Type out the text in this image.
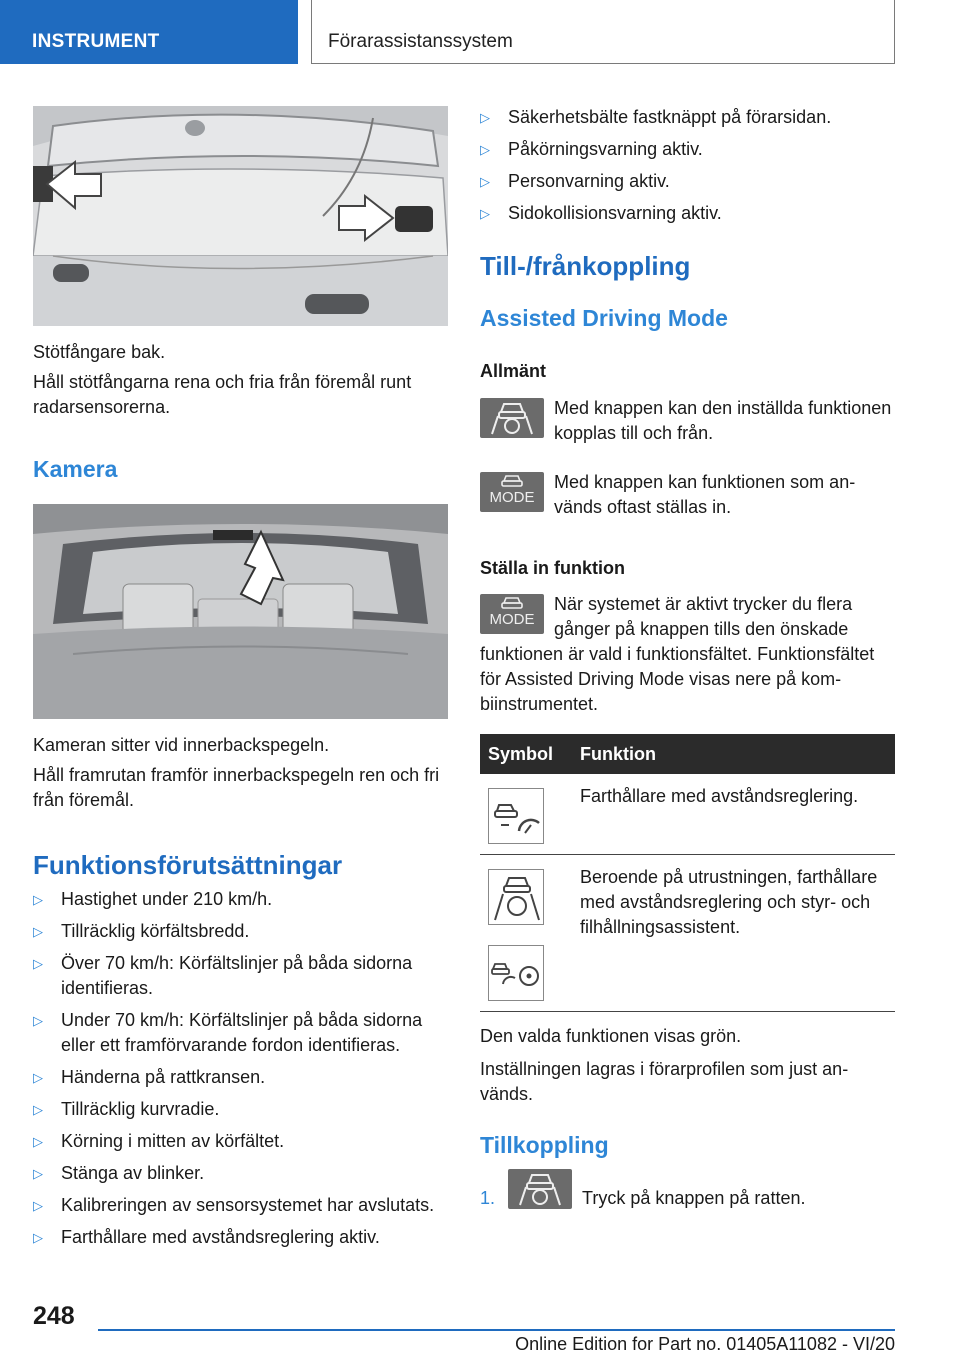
INSTRUMENT	Förarassistanssystem
Stötfångare bak.
Håll stötfångarna rena och fria från föremål runt radarsensorerna.
Kamera
Kameran sitter vid innerbackspegeln.
Håll framrutan framför innerbackspegeln ren och fri från föremål.
Funktionsförutsättningar
▷ Hastighet under 210 km/h.
▷ Tillräcklig körfältsbredd.
▷ Över 70 km/h: Körfältslinjer på båda sidorna identifieras.
▷ Under 70 km/h: Körfältslinjer på båda sidorna eller ett framförvarande fordon identifieras.
▷ Händerna på rattkransen.
▷ Tillräcklig kurvradie.
▷ Körning i mitten av körfältet.
▷ Stänga av blinker.
▷ Kalibreringen av sensorsystemet har avslutats.
▷ Farthållare med avståndsreglering aktiv.
▷ Säkerhetsbälte fastknäppt på förarsidan.
▷ Påkörningsvarning aktiv.
▷ Personvarning aktiv.
▷ Sidokollisionsvarning aktiv.
Till-/frånkoppling
Assisted Driving Mode
Allmänt
Med knappen kan den inställda funktionen kopplas till och från.
MODE
Med knappen kan funktionen som används oftast ställas in.
Ställa in funktion
MODE
När systemet är aktivt trycker du flera gånger på knappen tills den önskade
funktionen är vald i funktionsfältet. Funktionsfältet för Assisted Driving Mode visas nere på kombiinstrumentet.
Symbol	Funktion

	Farthållare med avståndsreglering.

	Beroende på utrustningen, farthållare med avståndsreglering och styr- och filhållningsassistent.
Den valda funktionen visas grön.
Inställningen lagras i förarprofilen som just används.
Tillkoppling
1.	Tryck på knappen på ratten.
248
Online Edition for Part no. 01405A11082 - VI/20
